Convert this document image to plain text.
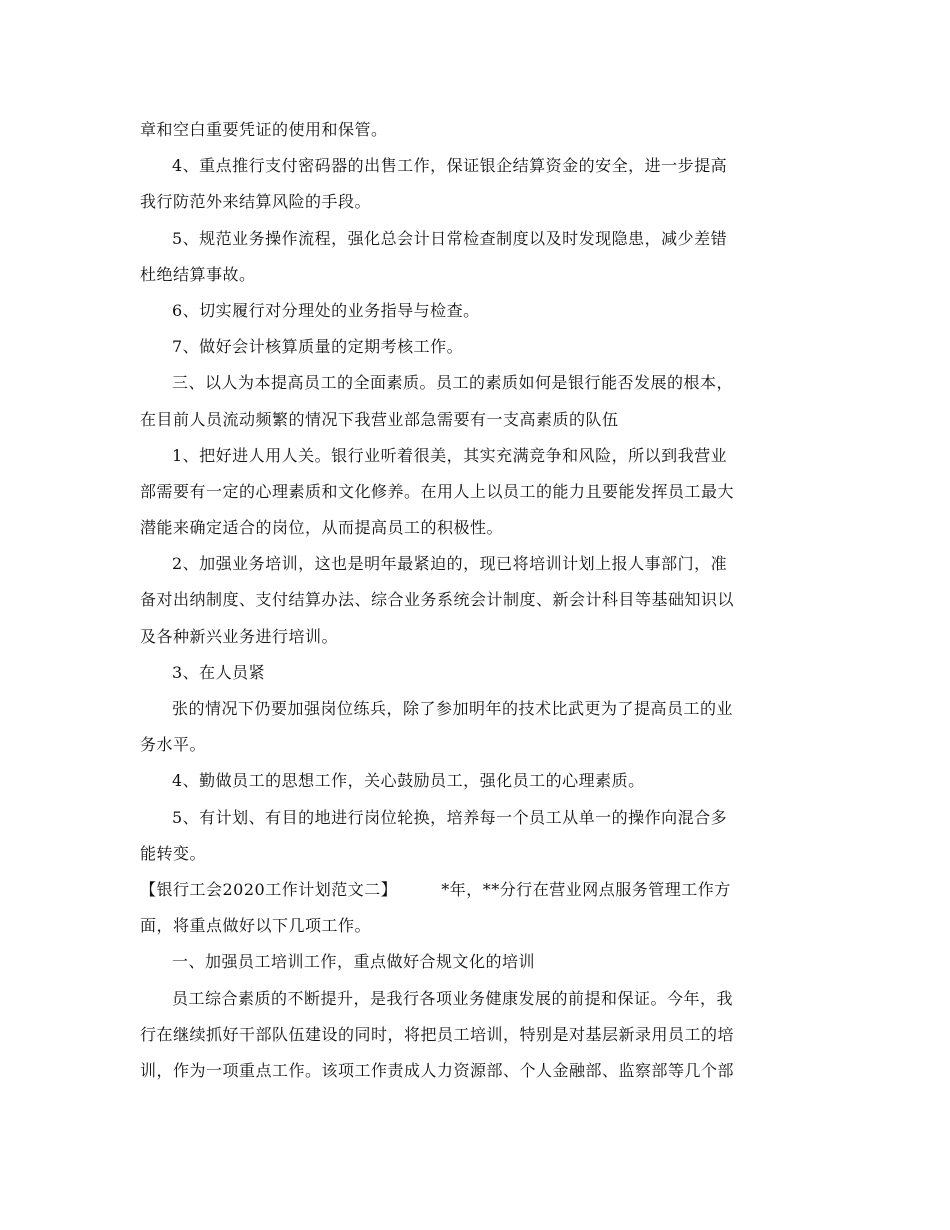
章和空白重要凭证的使用和保管。
4、重点推行支付密码器的出售工作，保证银企结算资金的安全，进一步提高
我行防范外来结算风险的手段。
5、规范业务操作流程，强化总会计日常检查制度以及时发现隐患，减少差错
杜绝结算事故。
6、切实履行对分理处的业务指导与检查。
7、做好会计核算质量的定期考核工作。
三、以人为本提高员工的全面素质。员工的素质如何是银行能否发展的根本，
在目前人员流动频繁的情况下我营业部急需要有一支高素质的队伍
1、把好进人用人关。银行业听着很美，其实充满竞争和风险，所以到我营业
部需要有一定的心理素质和文化修养。在用人上以员工的能力且要能发挥员工最大
潜能来确定适合的岗位，从而提高员工的积极性。
2、加强业务培训，这也是明年最紧迫的，现已将培训计划上报人事部门，准
备对出纳制度、支付结算办法、综合业务系统会计制度、新会计科目等基础知识以
及各种新兴业务进行培训。
3、在人员紧
张的情况下仍要加强岗位练兵，除了参加明年的技术比武更为了提高员工的业
务水平。
4、勤做员工的思想工作，关心鼓励员工，强化员工的心理素质。
5、有计划、有目的地进行岗位轮换，培养每一个员工从单一的操作向混合多
能转变。
【银行工会2020工作计划范文二】	*年，**分行在营业网点服务管理工作方
面，将重点做好以下几项工作。
一、加强员工培训工作，重点做好合规文化的培训
员工综合素质的不断提升，是我行各项业务健康发展的前提和保证。今年，我
行在继续抓好干部队伍建设的同时，将把员工培训，特别是对基层新录用员工的培
训，作为一项重点工作。该项工作责成人力资源部、个人金融部、监察部等几个部
